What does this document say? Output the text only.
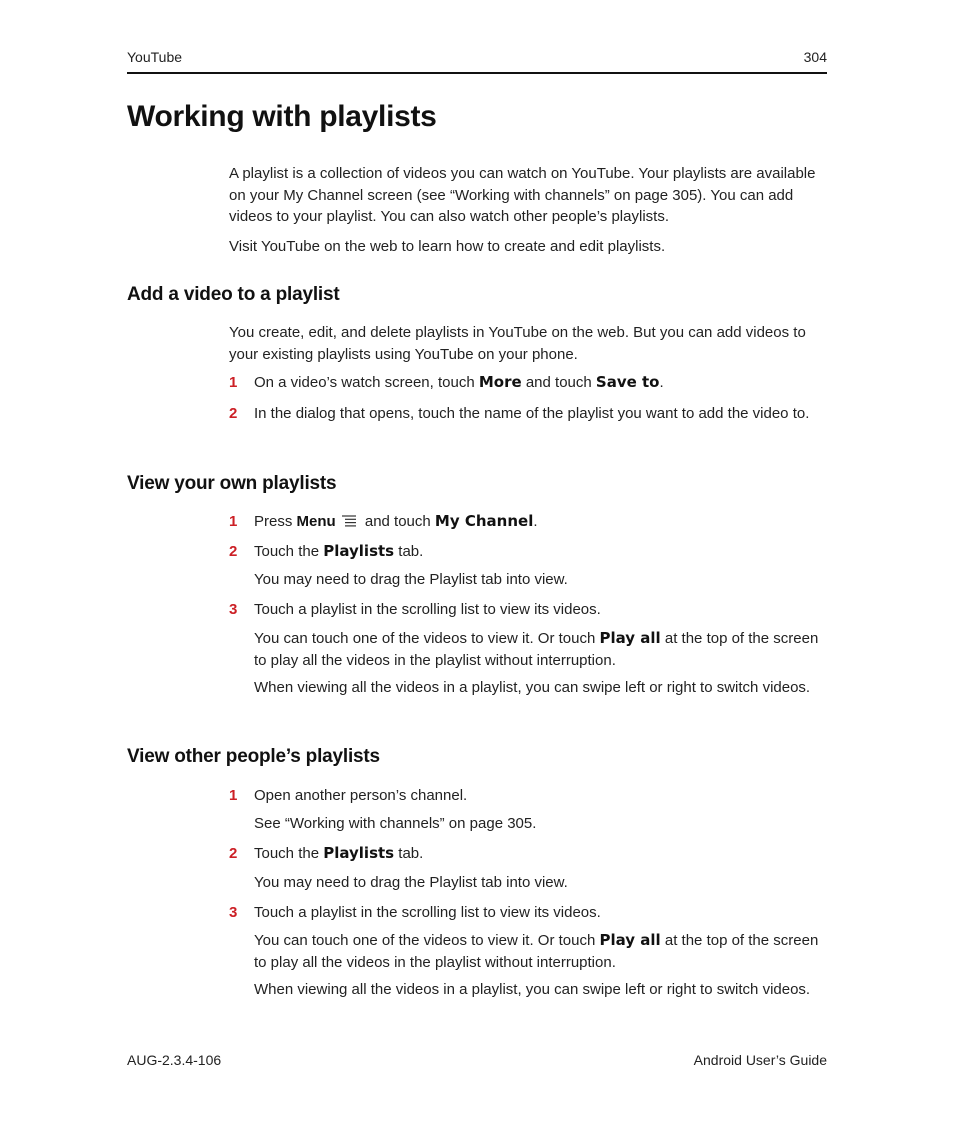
YouTube	304
Working with playlists

A playlist is a collection of videos you can watch on YouTube. Your playlists are available on your My Channel screen (see “Working with channels” on page 305). You can add videos to your playlist. You can also watch other people’s playlists.

Visit YouTube on the web to learn how to create and edit playlists.

Add a video to a playlist

You create, edit, and delete playlists in YouTube on the web. But you can add videos to your existing playlists using YouTube on your phone.

1	On a video’s watch screen, touch More and touch Save to.
2	In the dialog that opens, touch the name of the playlist you want to add the video to.
View your own playlists
1	Press Menu and touch My Channel.
2	Touch the Playlists tab.

You may need to drag the Playlist tab into view.

3	Touch a playlist in the scrolling list to view its videos.

You can touch one of the videos to view it. Or touch Play all at the top of the screen to play all the videos in the playlist without interruption.

When viewing all the videos in a playlist, you can swipe left or right to switch videos.

View other people’s playlists
1	Open another person’s channel.

See “Working with channels” on page 305.

2	Touch the Playlists tab.

You may need to drag the Playlist tab into view.

3	Touch a playlist in the scrolling list to view its videos.

You can touch one of the videos to view it. Or touch Play all at the top of the screen to play all the videos in the playlist without interruption.

When viewing all the videos in a playlist, you can swipe left or right to switch videos.

AUG-2.3.4-106	Android User’s Guide
